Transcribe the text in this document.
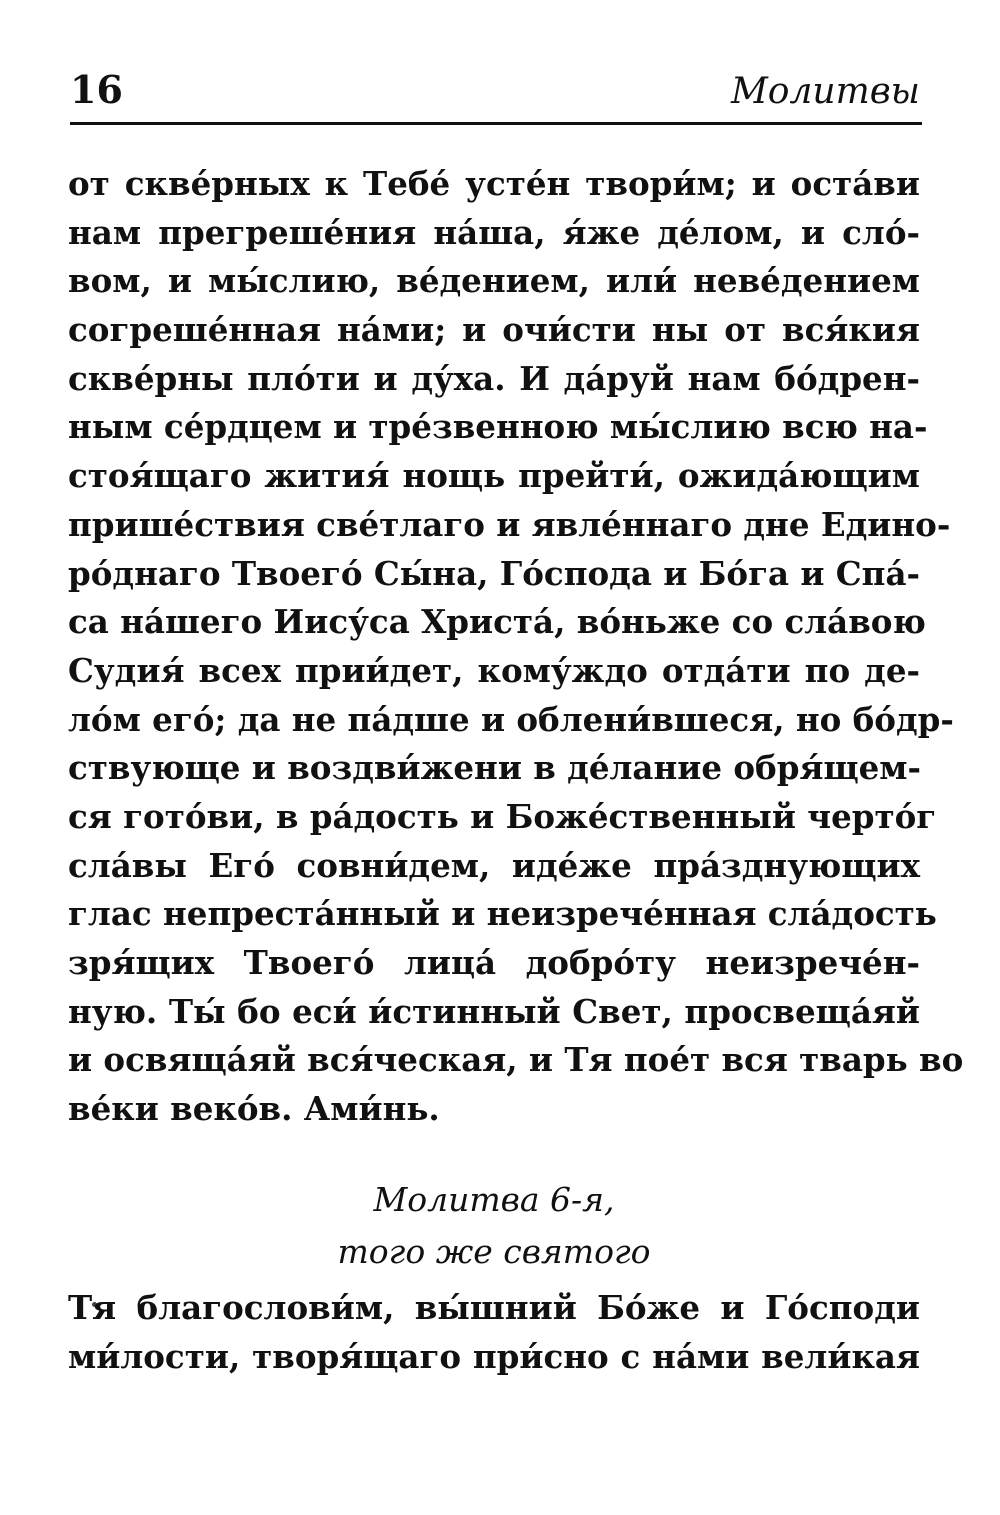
16	Молитвы
от скве́рных к Тебе́ усте́н твори́м; и оста́ви
нам прегреше́ния на́ша, я́же де́лом, и сло́-
вом, и мы́слию, ве́дением, или́ неве́дением
согреше́нная на́ми; и очи́сти ны от вся́кия
скве́рны пло́ти и ду́ха. И да́руй нам бо́дрен-
ным се́рдцем и тре́звенною мы́слию всю на-
стоя́щаго жития́ нощь прейти́, ожида́ющим
прише́ствия све́тлаго и явле́ннаго дне Едино-
ро́днаго Твоего́ Сы́на, Го́спода и Бо́га и Спа́-
са на́шего Иису́са Христа́, во́ньже со сла́вою
Судия́ всех прии́дет, кому́ждо отда́ти по де-
ло́м его́; да не па́дше и облени́вшеся, но бо́др-
ствующе и воздви́жени в де́лание обря́щем-
ся гото́ви, в ра́дость и Боже́ственный черто́г
сла́вы Его́ совни́дем, иде́же пра́зднующих
глас непреста́нный и неизрече́нная сла́дость
зря́щих Твоего́ лица́ добро́ту неизрече́н-
ную. Ты́ бо еси́ и́стинный Свет, просвеща́яй
и освяща́яй вся́ческая, и Тя пое́т вся тварь во
ве́ки веко́в. Ами́нь.
Молитва 6-я,
того же святого
Тя благослови́м, вы́шний Бо́же и Го́споди
ми́лости, творя́щаго при́сно с на́ми вели́кая
